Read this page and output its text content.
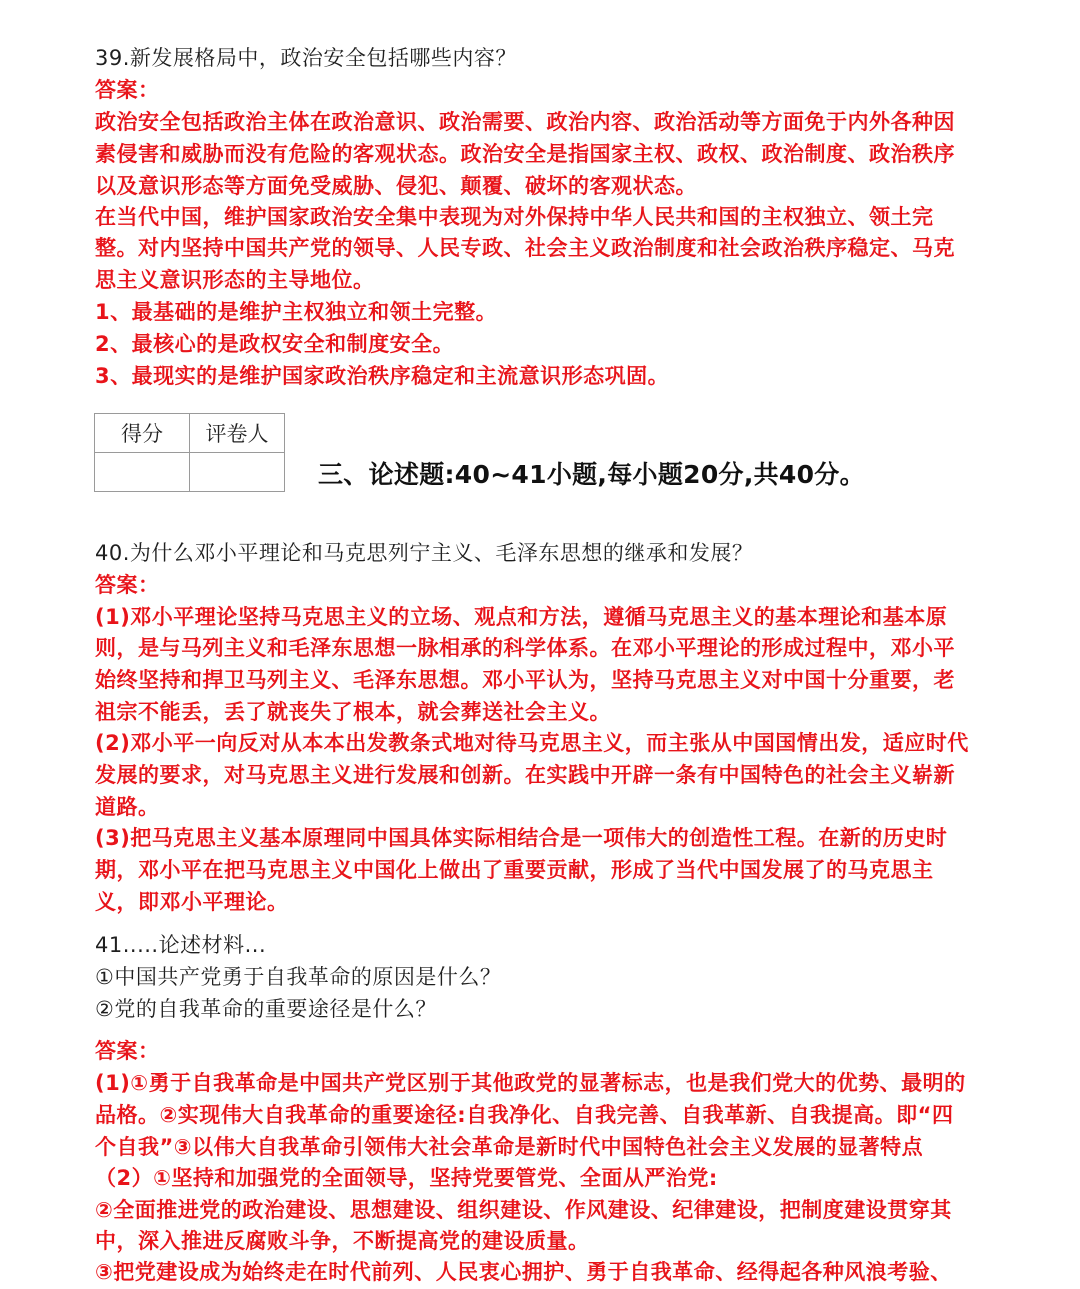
39.新发展格局中，政治安全包括哪些内容？
答案：
政治安全包括政治主体在政治意识、政治需要、政治内容、政治活动等方面免于内外各种因
素侵害和威胁而没有危险的客观状态。政治安全是指国家主权、政权、政治制度、政治秩序
以及意识形态等方面免受威胁、侵犯、颠覆、破坏的客观状态。
在当代中国，维护国家政治安全集中表现为对外保持中华人民共和国的主权独立、领土完
整。对内坚持中国共产党的领导、人民专政、社会主义政治制度和社会政治秩序稳定、马克
思主义意识形态的主导地位。
1、最基础的是维护主权独立和领土完整。
2、最核心的是政权安全和制度安全。
3、最现实的是维护国家政治秩序稳定和主流意识形态巩固。
得分	评卷人

三、论述题:40~41小题,每小题20分,共40分。
40.为什么邓小平理论和马克思列宁主义、毛泽东思想的继承和发展？
答案：
(1)邓小平理论坚持马克思主义的立场、观点和方法，遵循马克思主义的基本理论和基本原
则，是与马列主义和毛泽东思想一脉相承的科学体系。在邓小平理论的形成过程中，邓小平
始终坚持和捍卫马列主义、毛泽东思想。邓小平认为，坚持马克思主义对中国十分重要，老
祖宗不能丢，丢了就丧失了根本，就会葬送社会主义。
(2)邓小平一向反对从本本出发教条式地对待马克思主义，而主张从中国国情出发，适应时代
发展的要求，对马克思主义进行发展和创新。在实践中开辟一条有中国特色的社会主义崭新
道路。
(3)把马克思主义基本原理同中国具体实际相结合是一项伟大的创造性工程。在新的历史时
期，邓小平在把马克思主义中国化上做出了重要贡献，形成了当代中国发展了的马克思主
义，即邓小平理论。
41.....论述材料...
①中国共产党勇于自我革命的原因是什么？
②党的自我革命的重要途径是什么？
答案：
(1)①勇于自我革命是中国共产党区别于其他政党的显著标志，也是我们党大的优势、最明的
品格。②实现伟大自我革命的重要途径:自我净化、自我完善、自我革新、自我提高。即“四
个自我”③以伟大自我革命引领伟大社会革命是新时代中国特色社会主义发展的显著特点
（2）①坚持和加强党的全面领导，坚持党要管党、全面从严治党:
②全面推进党的政治建设、思想建设、组织建设、作风建设、纪律建设，把制度建设贯穿其
中，深入推进反腐败斗争，不断提高党的建设质量。
③把党建设成为始终走在时代前列、人民衷心拥护、勇于自我革命、经得起各种风浪考验、
